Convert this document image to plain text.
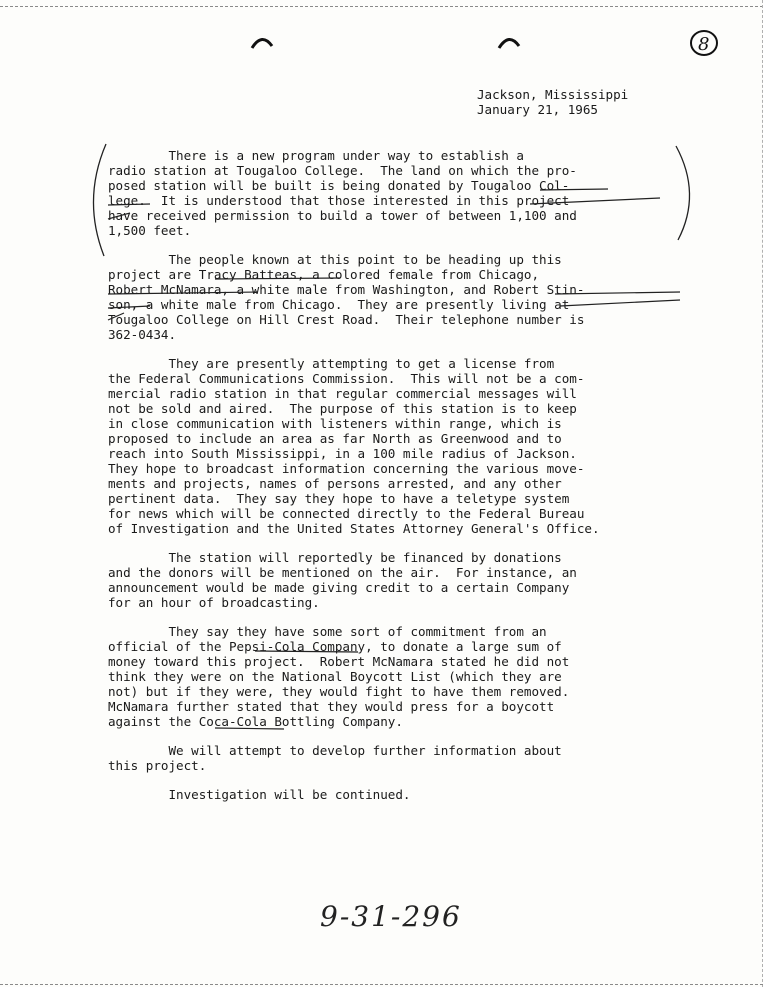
8
Jackson, Mississippi
January 21, 1965
There is a new program under way to establish a
radio station at Tougaloo College.  The land on which the pro-
posed station will be built is being donated by Tougaloo Col-
lege.  It is understood that those interested in this project
have received permission to build a tower of between 1,100 and
1,500 feet.
The people known at this point to be heading up this
project are Tracy Batteas, a colored female from Chicago,
Robert McNamara, a white male from Washington, and Robert Stin-
son, a white male from Chicago.  They are presently living at
Tougaloo College on Hill Crest Road.  Their telephone number is
362-0434.
They are presently attempting to get a license from
the Federal Communications Commission.  This will not be a com-
mercial radio station in that regular commercial messages will
not be sold and aired.  The purpose of this station is to keep
in close communication with listeners within range, which is
proposed to include an area as far North as Greenwood and to
reach into South Mississippi, in a 100 mile radius of Jackson.
They hope to broadcast information concerning the various move-
ments and projects, names of persons arrested, and any other
pertinent data.  They say they hope to have a teletype system
for news which will be connected directly to the Federal Bureau
of Investigation and the United States Attorney General's Office.
The station will reportedly be financed by donations
and the donors will be mentioned on the air.  For instance, an
announcement would be made giving credit to a certain Company
for an hour of broadcasting.
They say they have some sort of commitment from an
official of the Pepsi-Cola Company, to donate a large sum of
money toward this project.  Robert McNamara stated he did not
think they were on the National Boycott List (which they are
not) but if they were, they would fight to have them removed.
McNamara further stated that they would press for a boycott
against the Coca-Cola Bottling Company.
We will attempt to develop further information about
this project.
Investigation will be continued.
9-31-296
